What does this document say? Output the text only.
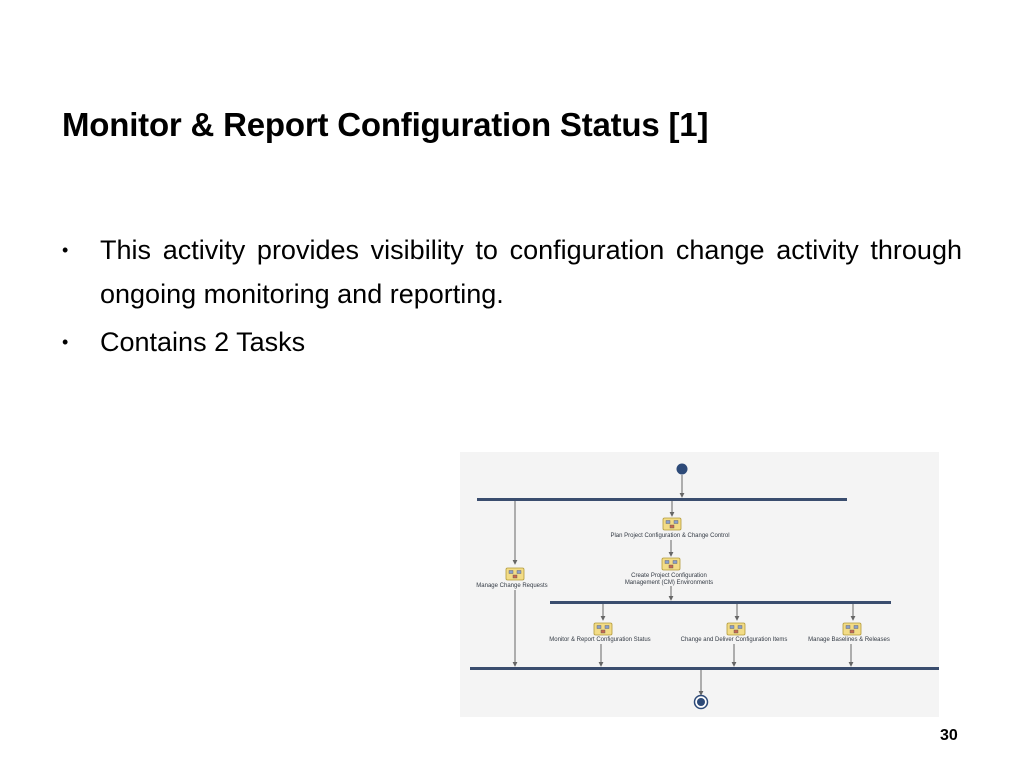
Monitor & Report Configuration Status [1]
• This activity provides visibility to configuration change activity through ongoing monitoring and reporting.
• Contains 2 Tasks
Plan Project Configuration & Change Control
Create Project Configuration
Management (CM) Environments
Manage Change Requests
Monitor & Report Configuration Status	Change and Deliver Configuration Items	Manage Baselines & Releases
30
